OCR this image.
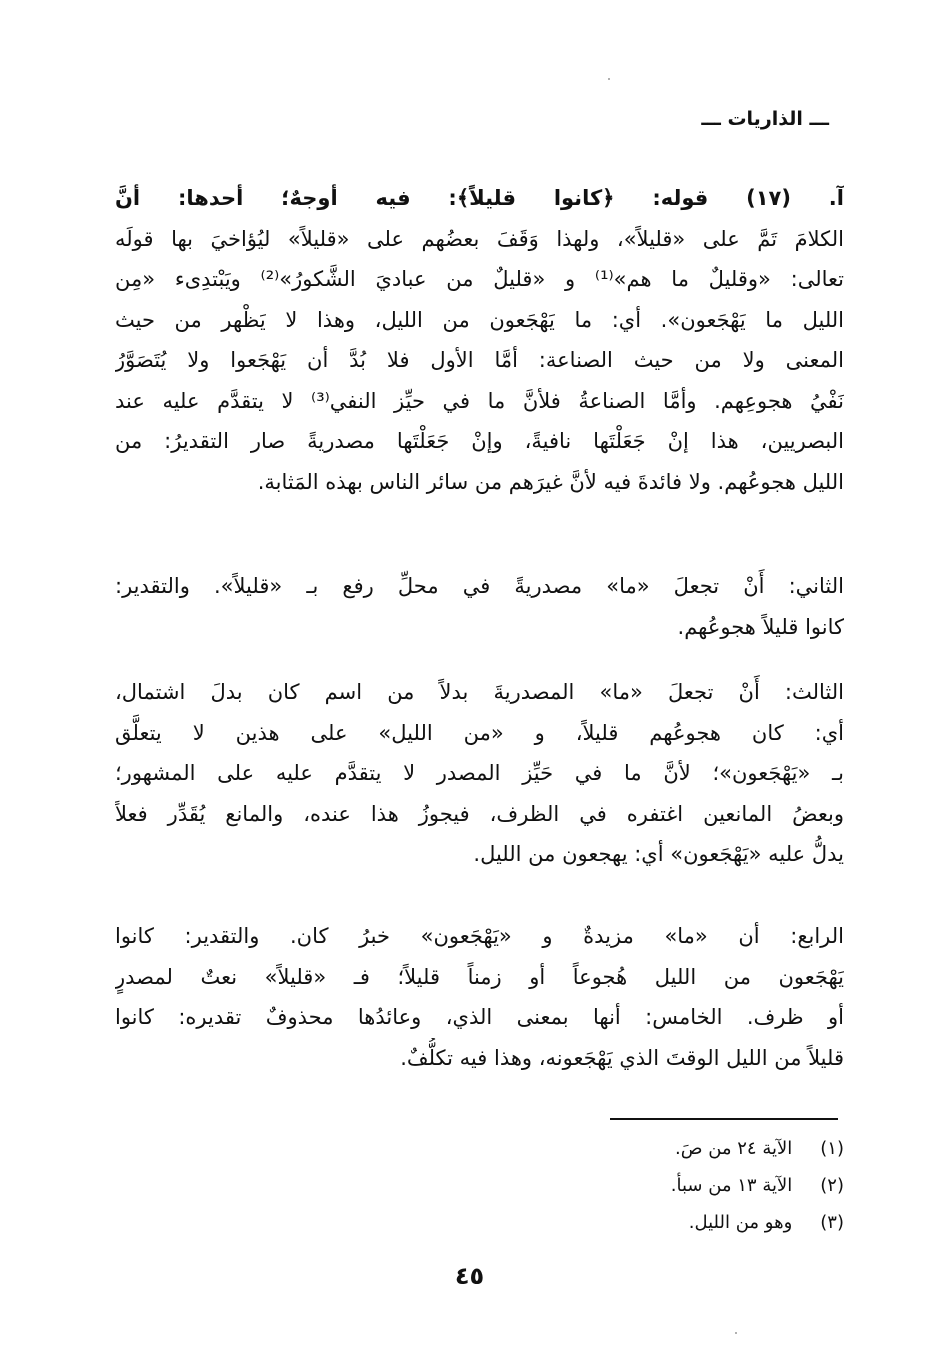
ـــ الذاريات ـــ
آ. (١٧) قوله: ﴿كانوا قليلاً﴾: فيه أوجهٌ؛ أحدها: أنَّ
الكلامَ تَمَّ على «قليلاً»، ولهذا وَقَفَ بعضُهم على «قليلاً» ليُؤاخيَ بها قولَه
تعالى: «وقليلٌ ما هم»⁽¹⁾ و «قليلٌ من عباديَ الشَّكورُ»⁽²⁾ ويَبْتدِىء «مِن
الليل ما يَهْجَعون». أي: ما يَهْجَعون من الليل، وهذا لا يَظْهر من حيث
المعنى ولا من حيث الصناعة: أمَّا الأول فلا بُدَّ أن يَهْجَعوا ولا يُتَصَوَّرُ
نَفْيُ هجوعِهم. وأمَّا الصناعةُ فلأنَّ ما في حيِّز النفي⁽³⁾ لا يتقدَّم عليه عند
البصريين، هذا إنْ جَعَلْتَها نافيةً، وإنْ جَعَلْتَها مصدريةً صار التقديرُ: من
الليل هجوعُهم. ولا فائدةَ فيه لأنَّ غيرَهم من سائر الناس بهذه المَثابة.
الثاني: أَنْ تجعلَ «ما» مصدريةً في محلِّ رفع بـ «قليلاً». والتقدير:
كانوا قليلاً هجوعُهم.
الثالث: أَنْ تجعلَ «ما» المصدريةَ بدلاً من اسم كان بدلَ اشتمال،
أي: كان هجوعُهم قليلاً، و «من الليل» على هذين لا يتعلَّق
بـ «يَهْجَعون»؛ لأنَّ ما في حَيِّز المصدر لا يتقدَّم عليه على المشهور؛
وبعضُ المانعين اغتفره في الظرف، فيجوزُ هذا عنده، والمانع يُقَدِّر فعلاً
يدلُّ عليه «يَهْجَعون» أي: يهجعون من الليل.
الرابع: أن «ما» مزيدةٌ و «يَهْجَعون» خبرُ كان. والتقدير: كانوا
يَهْجَعون من الليل هُجوعاً أو زمناً قليلاً؛ فـ «قليلاً» نعتٌ لمصدرٍ
أو ظرف. الخامس: أنها بمعنى الذي، وعائدُها محذوفٌ تقديره: كانوا
قليلاً من الليل الوقتَ الذي يَهْجَعونه، وهذا فيه تكلُّفٌ.
(١) الآية ٢٤ من صَ.
(٢) الآية ١٣ من سبأ.
(٣) وهو من الليل.
٤٥
